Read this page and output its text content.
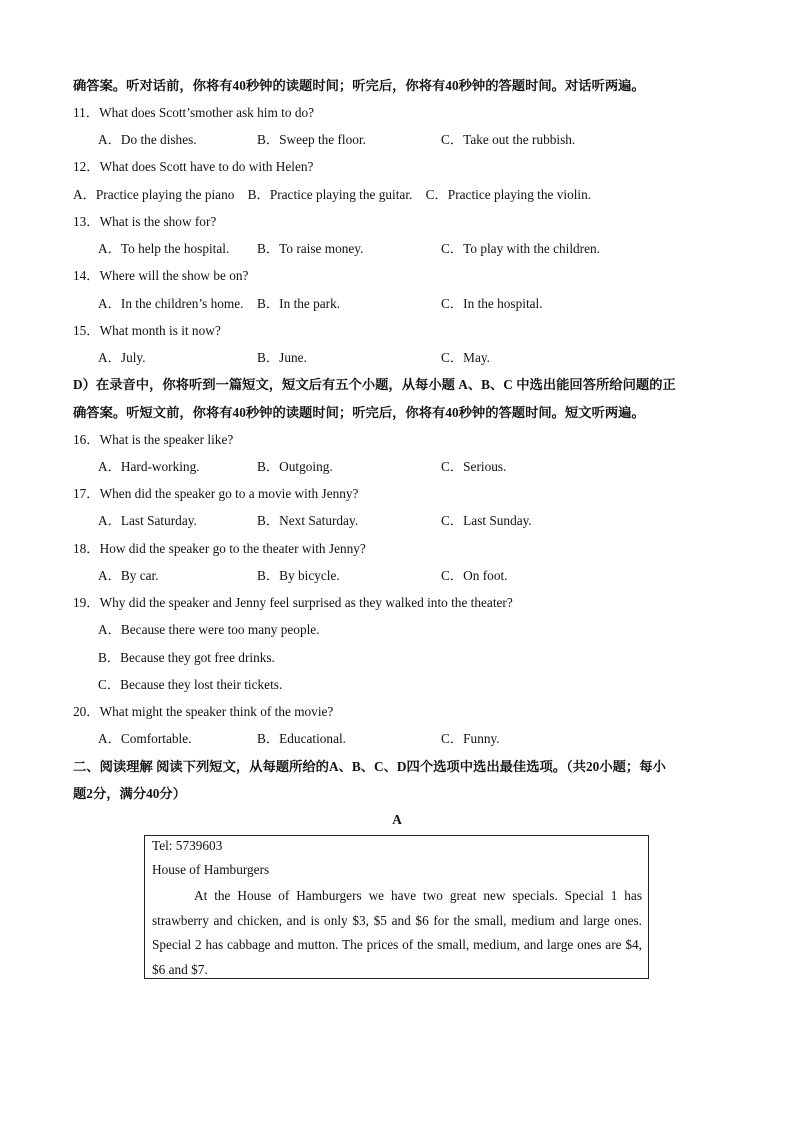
确答案。听对话前，你将有40秒钟的读题时间；听完后，你将有40秒钟的答题时间。对话听两遍。
11．What does Scott’smother ask him to do?
A．Do the dishes.	B．Sweep the floor.	C．Take out the rubbish.
12．What does Scott have to do with Helen?
A．Practice playing the piano    B．Practice playing the guitar.    C．Practice playing the violin.
13．What is the show for?
A．To help the hospital. B．To raise money.	C．To play with the children.
14．Where will the show be on?
A．In the children’s home. B．In the park.	C．In the hospital.
15．What month is it now?
A．July.	B．June.	C．May.
D）在录音中，你将听到一篇短文，短文后有五个小题，从每小题 A、B、C 中选出能回答所给问题的正
确答案。听短文前，你将有40秒钟的读题时间；听完后，你将有40秒钟的答题时间。短文听两遍。
16．What is the speaker like?
A．Hard-working.	B．Outgoing.	C．Serious.
17．When did the speaker go to a movie with Jenny?
A．Last Saturday.	B．Next Saturday.	C．Last Sunday.
18．How did the speaker go to the theater with Jenny?
A．By car.	B．By bicycle.	C．On foot.
19．Why did the speaker and Jenny feel surprised as they walked into the theater?
A．Because there were too many people.
B．Because they got free drinks.
C．Because they lost their tickets.
20．What might the speaker think of the movie?
A．Comfortable.	B．Educational.	C．Funny.
二、阅读理解 阅读下列短文，从每题所给的A、B、C、D四个选项中选出最佳选项。（共20小题；每小
题2分，满分40分）
A
Tel: 5739603
House of Hamburgers
At the House of Hamburgers we have two great new specials. Special 1 has strawberry and chicken, and is only $3, $5 and $6 for the small, medium and large ones. Special 2 has cabbage and mutton. The prices of the small, medium, and large ones are $4, $6 and $7.
